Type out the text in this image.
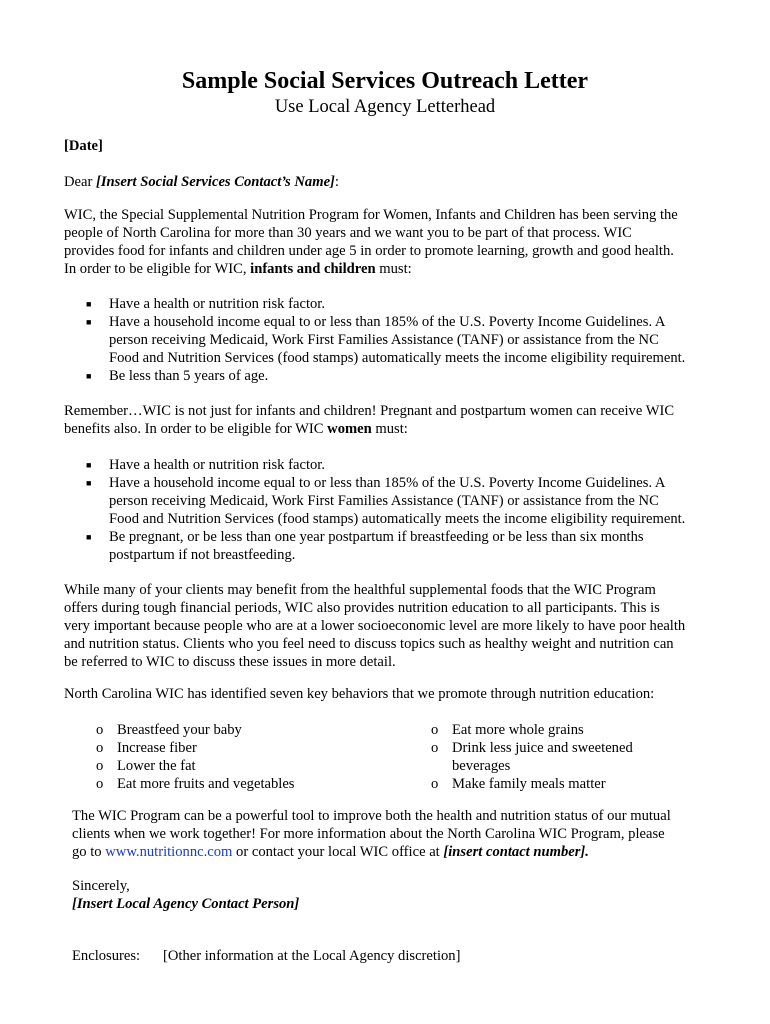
Sample Social Services Outreach Letter
Use Local Agency Letterhead
[Date]
Dear [Insert Social Services Contact’s Name]:
WIC, the Special Supplemental Nutrition Program for Women, Infants and Children has been serving the
people of North Carolina for more than 30 years and we want you to be part of that process. WIC
provides food for infants and children under age 5 in order to promote learning, growth and good health.
In order to be eligible for WIC, infants and children must:
■ Have a health or nutrition risk factor.
■ Have a household income equal to or less than 185% of the U.S. Poverty Income Guidelines. A
person receiving Medicaid, Work First Families Assistance (TANF) or assistance from the NC
Food and Nutrition Services (food stamps) automatically meets the income eligibility requirement.
■ Be less than 5 years of age.
Remember…WIC is not just for infants and children! Pregnant and postpartum women can receive WIC
benefits also. In order to be eligible for WIC women must:
■ Have a health or nutrition risk factor.
■ Have a household income equal to or less than 185% of the U.S. Poverty Income Guidelines. A
person receiving Medicaid, Work First Families Assistance (TANF) or assistance from the NC
Food and Nutrition Services (food stamps) automatically meets the income eligibility requirement.
■ Be pregnant, or be less than one year postpartum if breastfeeding or be less than six months
postpartum if not breastfeeding.
While many of your clients may benefit from the healthful supplemental foods that the WIC Program
offers during tough financial periods, WIC also provides nutrition education to all participants. This is
very important because people who are at a lower socioeconomic level are more likely to have poor health
and nutrition status. Clients who you feel need to discuss topics such as healthy weight and nutrition can
be referred to WIC to discuss these issues in more detail.
North Carolina WIC has identified seven key behaviors that we promote through nutrition education:
o Breastfeed your baby
o Increase fiber
o Lower the fat
o Eat more fruits and vegetables
o Eat more whole grains
o Drink less juice and sweetened
beverages
o Make family meals matter
The WIC Program can be a powerful tool to improve both the health and nutrition status of our mutual
clients when we work together! For more information about the North Carolina WIC Program, please
go to www.nutritionnc.com or contact your local WIC office at [insert contact number].
Sincerely,
[Insert Local Agency Contact Person]
Enclosures: [Other information at the Local Agency discretion]
